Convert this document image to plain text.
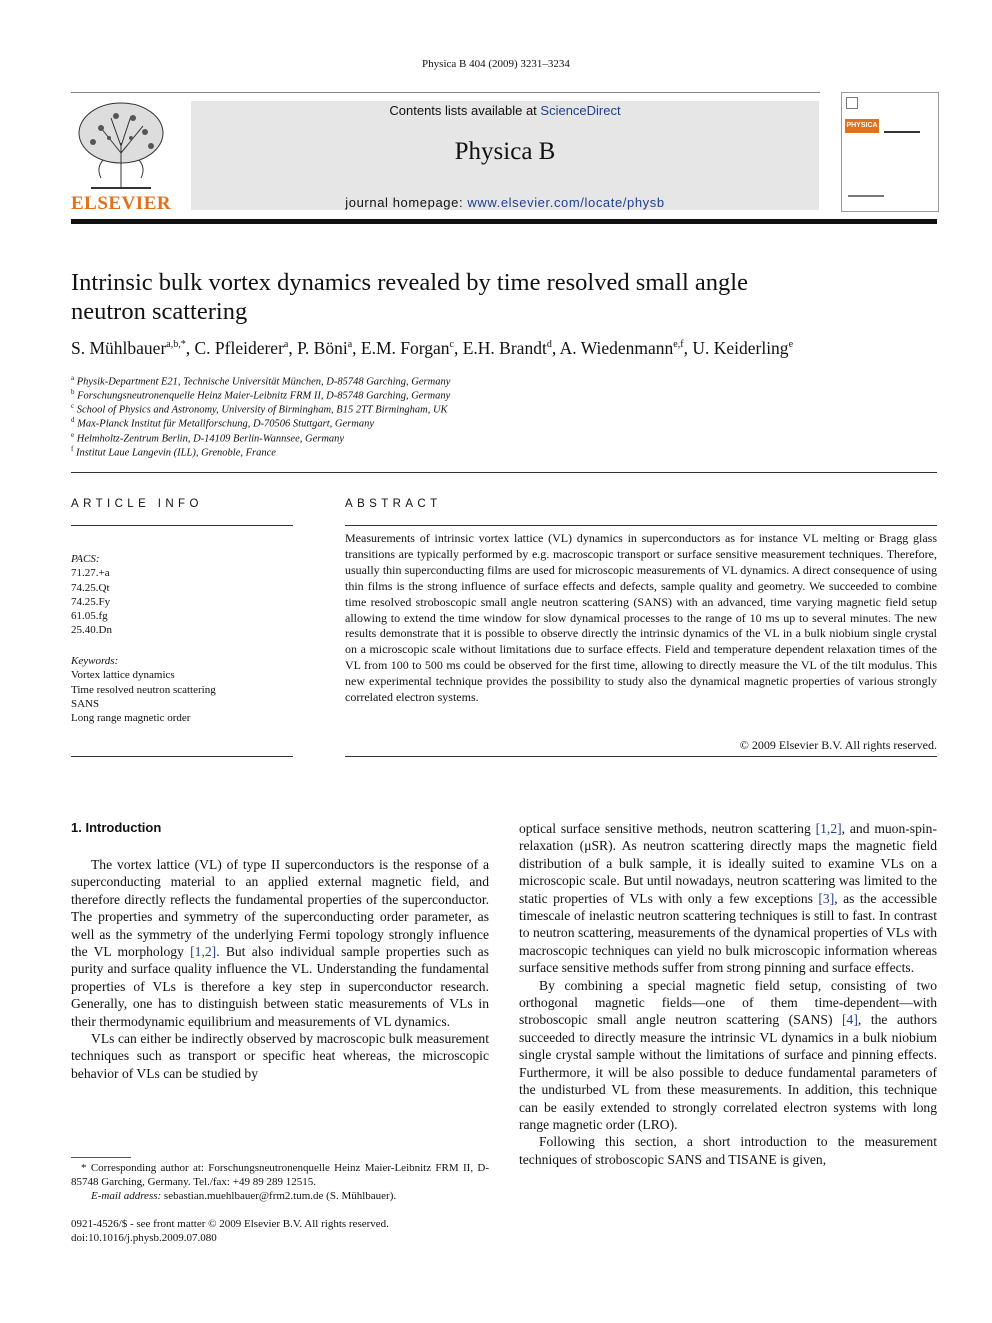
Physica B 404 (2009) 3231–3234
ELSEVIER
Contents lists available at ScienceDirect
Physica B
journal homepage: www.elsevier.com/locate/physb
PHYSICA B
Intrinsic bulk vortex dynamics revealed by time resolved small angle
neutron scattering
S. Mühlbauer$^{a,b,*}$, C. Pfleiderer$^a$, P. Böni$^a$, E.M. Forgan$^c$, E.H. Brandt$^d$, A. Wiedenmann$^{e,f}$, U. Keiderling$^e$
$^a$ Physik-Department E21, Technische Universität München, D-85748 Garching, Germany
$^b$ Forschungsneutronenquelle Heinz Maier-Leibnitz FRM II, D-85748 Garching, Germany
$^c$ School of Physics and Astronomy, University of Birmingham, B15 2TT Birmingham, UK
$^d$ Max-Planck Institut für Metallforschung, D-70506 Stuttgart, Germany
$^e$ Helmholtz-Zentrum Berlin, D-14109 Berlin-Wannsee, Germany
$^f$ Institut Laue Langevin (ILL), Grenoble, France
ARTICLE INFO
PACS:
71.27.+a
74.25.Qt
74.25.Fy
61.05.fg
25.40.Dn
Keywords:
Vortex lattice dynamics
Time resolved neutron scattering
SANS
Long range magnetic order
ABSTRACT
Measurements of intrinsic vortex lattice (VL) dynamics in superconductors as for instance VL melting or Bragg glass transitions are typically performed by e.g. macroscopic transport or surface sensitive measurement techniques. Therefore, usually thin superconducting films are used for microscopic measurements of VL dynamics. A direct consequence of using thin films is the strong influence of surface effects and defects, sample quality and geometry. We succeeded to combine time resolved stroboscopic small angle neutron scattering (SANS) with an advanced, time varying magnetic field setup allowing to extend the time window for slow dynamical processes to the range of 10 ms up to several minutes. The new results demonstrate that it is possible to observe directly the intrinsic dynamics of the VL in a bulk niobium single crystal on a microscopic scale without limitations due to surface effects. Field and temperature dependent relaxation times of the VL from 100 to 500 ms could be observed for the first time, allowing to directly measure the VL of the tilt modulus. This new experimental technique provides the possibility to study also the dynamical magnetic properties of various strongly correlated electron systems.
© 2009 Elsevier B.V. All rights reserved.
1. Introduction

The vortex lattice (VL) of type II superconductors is the response of a superconducting material to an applied external magnetic field, and therefore directly reflects the fundamental properties of the superconductor. The properties and symmetry of the superconducting order parameter, as well as the symmetry of the underlying Fermi topology strongly influence the VL morphology [1,2]. But also individual sample properties such as purity and surface quality influence the VL. Understanding the fundamental properties of VLs is therefore a key step in superconductor research. Generally, one has to distinguish between static measurements of VLs in their thermodynamic equilibrium and measurements of VL dynamics.

VLs can either be indirectly observed by macroscopic bulk measurement techniques such as transport or specific heat whereas, the microscopic behavior of VLs can be studied by

* Corresponding author at: Forschungsneutronenquelle Heinz Maier-Leibnitz FRM II, D-85748 Garching, Germany. Tel./fax: +49 89 289 12515.
E-mail address: sebastian.muehlbauer@frm2.tum.de (S. Mühlbauer).
0921-4526/$ - see front matter © 2009 Elsevier B.V. All rights reserved.
doi:10.1016/j.physb.2009.07.080

optical surface sensitive methods, neutron scattering [1,2], and muon-spin-relaxation (μSR). As neutron scattering directly maps the magnetic field distribution of a bulk sample, it is ideally suited to examine VLs on a microscopic scale. But until nowadays, neutron scattering was limited to the static properties of VLs with only a few exceptions [3], as the accessible timescale of inelastic neutron scattering techniques is still to fast. In contrast to neutron scattering, measurements of the dynamical properties of VLs with macroscopic techniques can yield no bulk microscopic information whereas surface sensitive methods suffer from strong pinning and surface effects.

By combining a special magnetic field setup, consisting of two orthogonal magnetic fields—one of them time-dependent—with stroboscopic small angle neutron scattering (SANS) [4], the authors succeeded to directly measure the intrinsic VL dynamics in a bulk niobium single crystal sample without the limitations of surface and pinning effects. Furthermore, it will be also possible to deduce fundamental parameters of the undisturbed VL from these measurements. In addition, this technique can be easily extended to strongly correlated electron systems with long range magnetic order (LRO).

Following this section, a short introduction to the measurement techniques of stroboscopic SANS and TISANE is given,
